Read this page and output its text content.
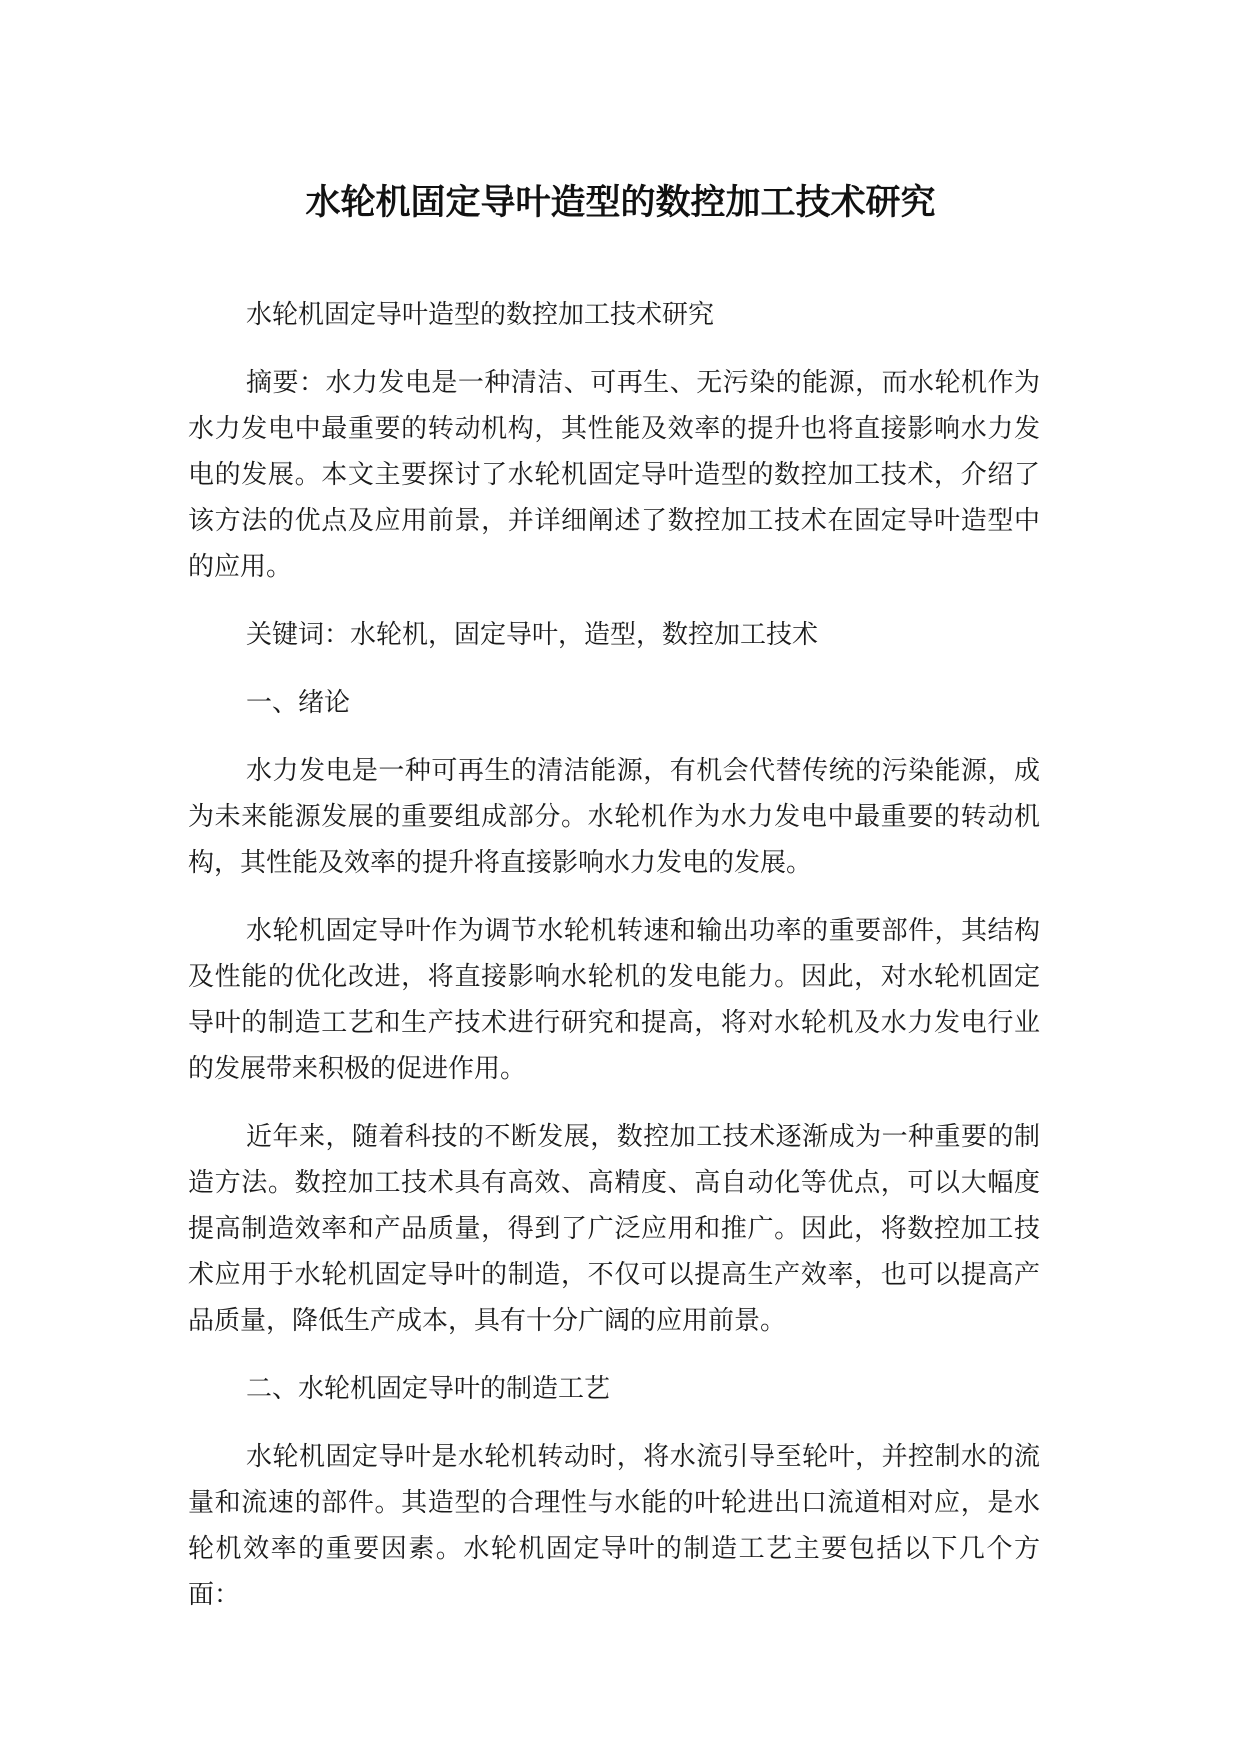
水轮机固定导叶造型的数控加工技术研究

水轮机固定导叶造型的数控加工技术研究

摘要：水力发电是一种清洁、可再生、无污染的能源，而水轮机作为水力发电中最重要的转动机构，其性能及效率的提升也将直接影响水力发电的发展。本文主要探讨了水轮机固定导叶造型的数控加工技术，介绍了该方法的优点及应用前景，并详细阐述了数控加工技术在固定导叶造型中的应用。

关键词：水轮机，固定导叶，造型，数控加工技术

一、绪论

水力发电是一种可再生的清洁能源，有机会代替传统的污染能源，成为未来能源发展的重要组成部分。水轮机作为水力发电中最重要的转动机构，其性能及效率的提升将直接影响水力发电的发展。

水轮机固定导叶作为调节水轮机转速和输出功率的重要部件，其结构及性能的优化改进，将直接影响水轮机的发电能力。因此，对水轮机固定导叶的制造工艺和生产技术进行研究和提高，将对水轮机及水力发电行业的发展带来积极的促进作用。

近年来，随着科技的不断发展，数控加工技术逐渐成为一种重要的制造方法。数控加工技术具有高效、高精度、高自动化等优点，可以大幅度提高制造效率和产品质量，得到了广泛应用和推广。因此，将数控加工技术应用于水轮机固定导叶的制造，不仅可以提高生产效率，也可以提高产品质量，降低生产成本，具有十分广阔的应用前景。

二、水轮机固定导叶的制造工艺

水轮机固定导叶是水轮机转动时，将水流引导至轮叶，并控制水的流量和流速的部件。其造型的合理性与水能的叶轮进出口流道相对应，是水轮机效率的重要因素。水轮机固定导叶的制造工艺主要包括以下几个方面：
